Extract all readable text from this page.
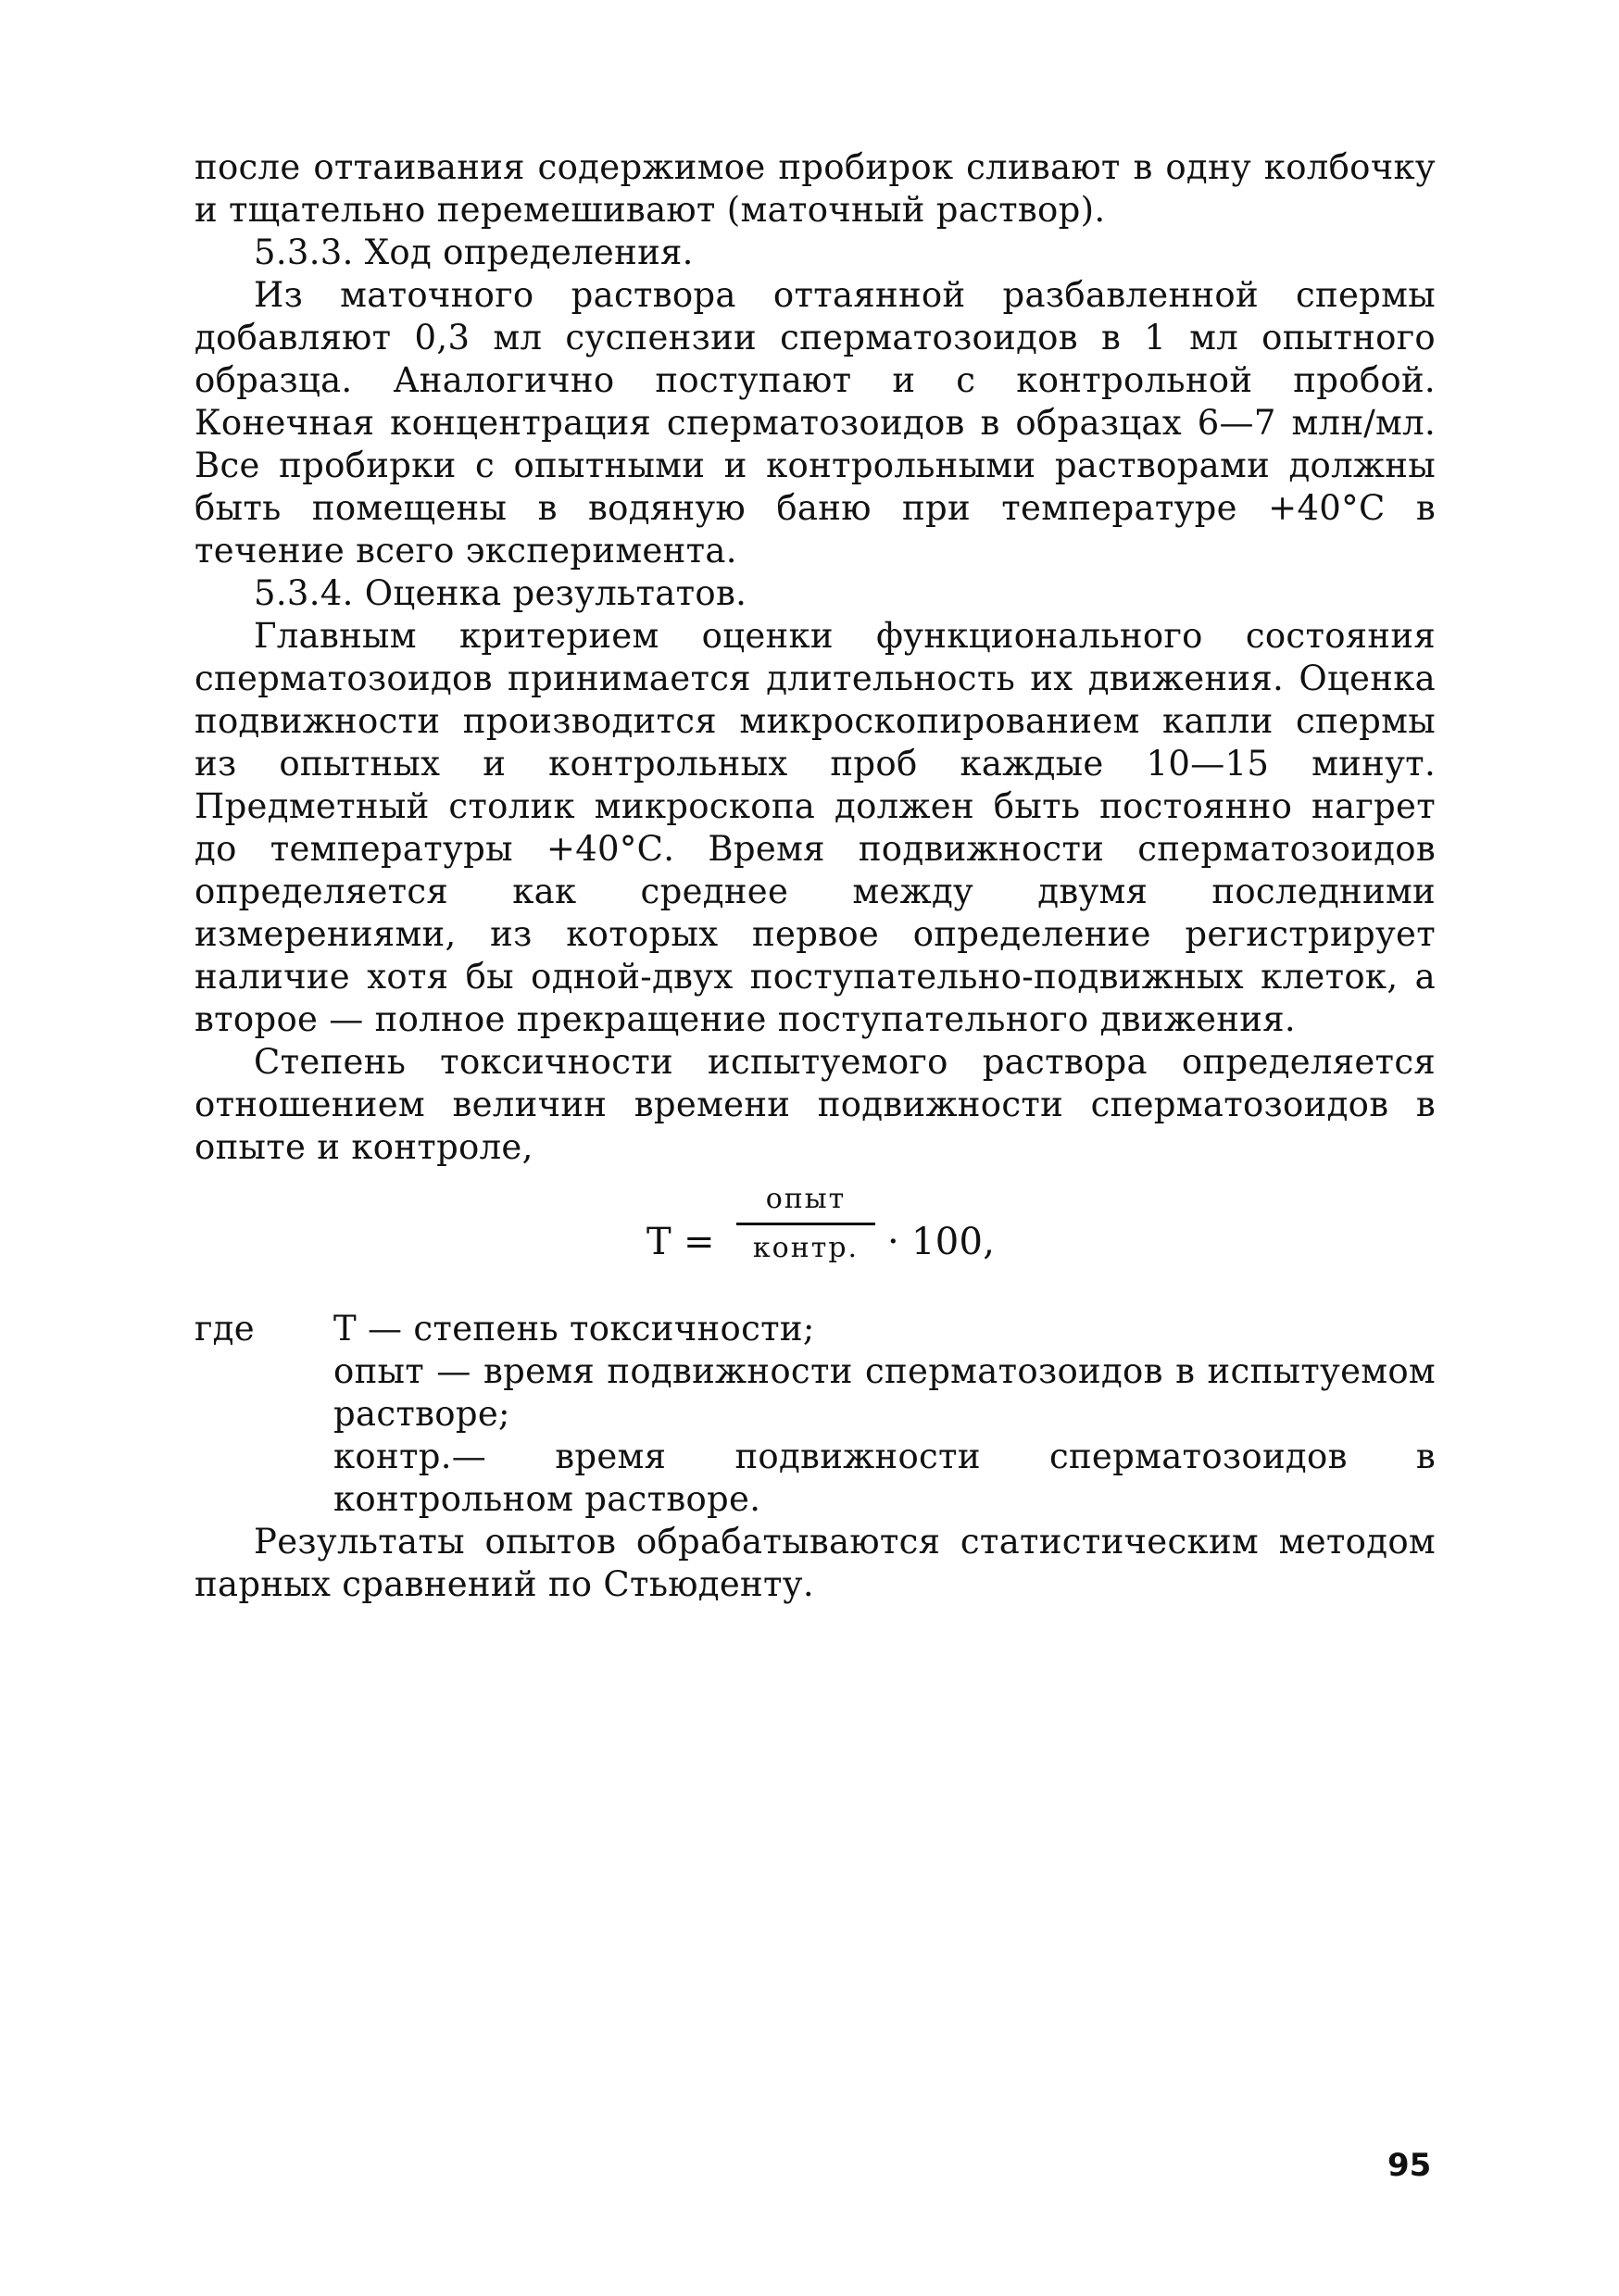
после оттаивания содержимое пробирок сливают в одну колбочку и тщательно перемешивают (маточный раствор).

5.3.3. Ход определения.

Из маточного раствора оттаянной разбавленной спермы добавляют 0,3 мл суспензии сперматозоидов в 1 мл опытного образца. Аналогично поступают и с контрольной пробой. Конечная концентрация сперматозоидов в образцах 6—7 млн/мл. Все пробирки с опытными и контрольными растворами должны быть помещены в водяную баню при температуре +40°С в течение всего эксперимента.

5.3.4. Оценка результатов.

Главным критерием оценки функционального состояния сперматозоидов принимается длительность их движения. Оценка подвижности производится микроскопированием капли спермы из опытных и контрольных проб каждые 10—15 минут. Предметный столик микроскопа должен быть постоянно нагрет до температуры +40°С. Время подвижности сперматозоидов определяется как среднее между двумя последними измерениями, из которых первое определение регистрирует наличие хотя бы одной-двух поступательно-подвижных клеток, а второе — полное прекращение поступательного движения.

Степень токсичности испытуемого раствора определяется отношением величин времени подвижности сперматозоидов в опыте и контроле,

Т =
опыт
контр. · 100,
где Т — степень токсичности;

опыт — время подвижности сперматозоидов в испытуемом растворе;

контр.— время подвижности сперматозоидов в контрольном растворе.

Результаты опытов обрабатываются статистическим методом парных сравнений по Стьюденту.

95
